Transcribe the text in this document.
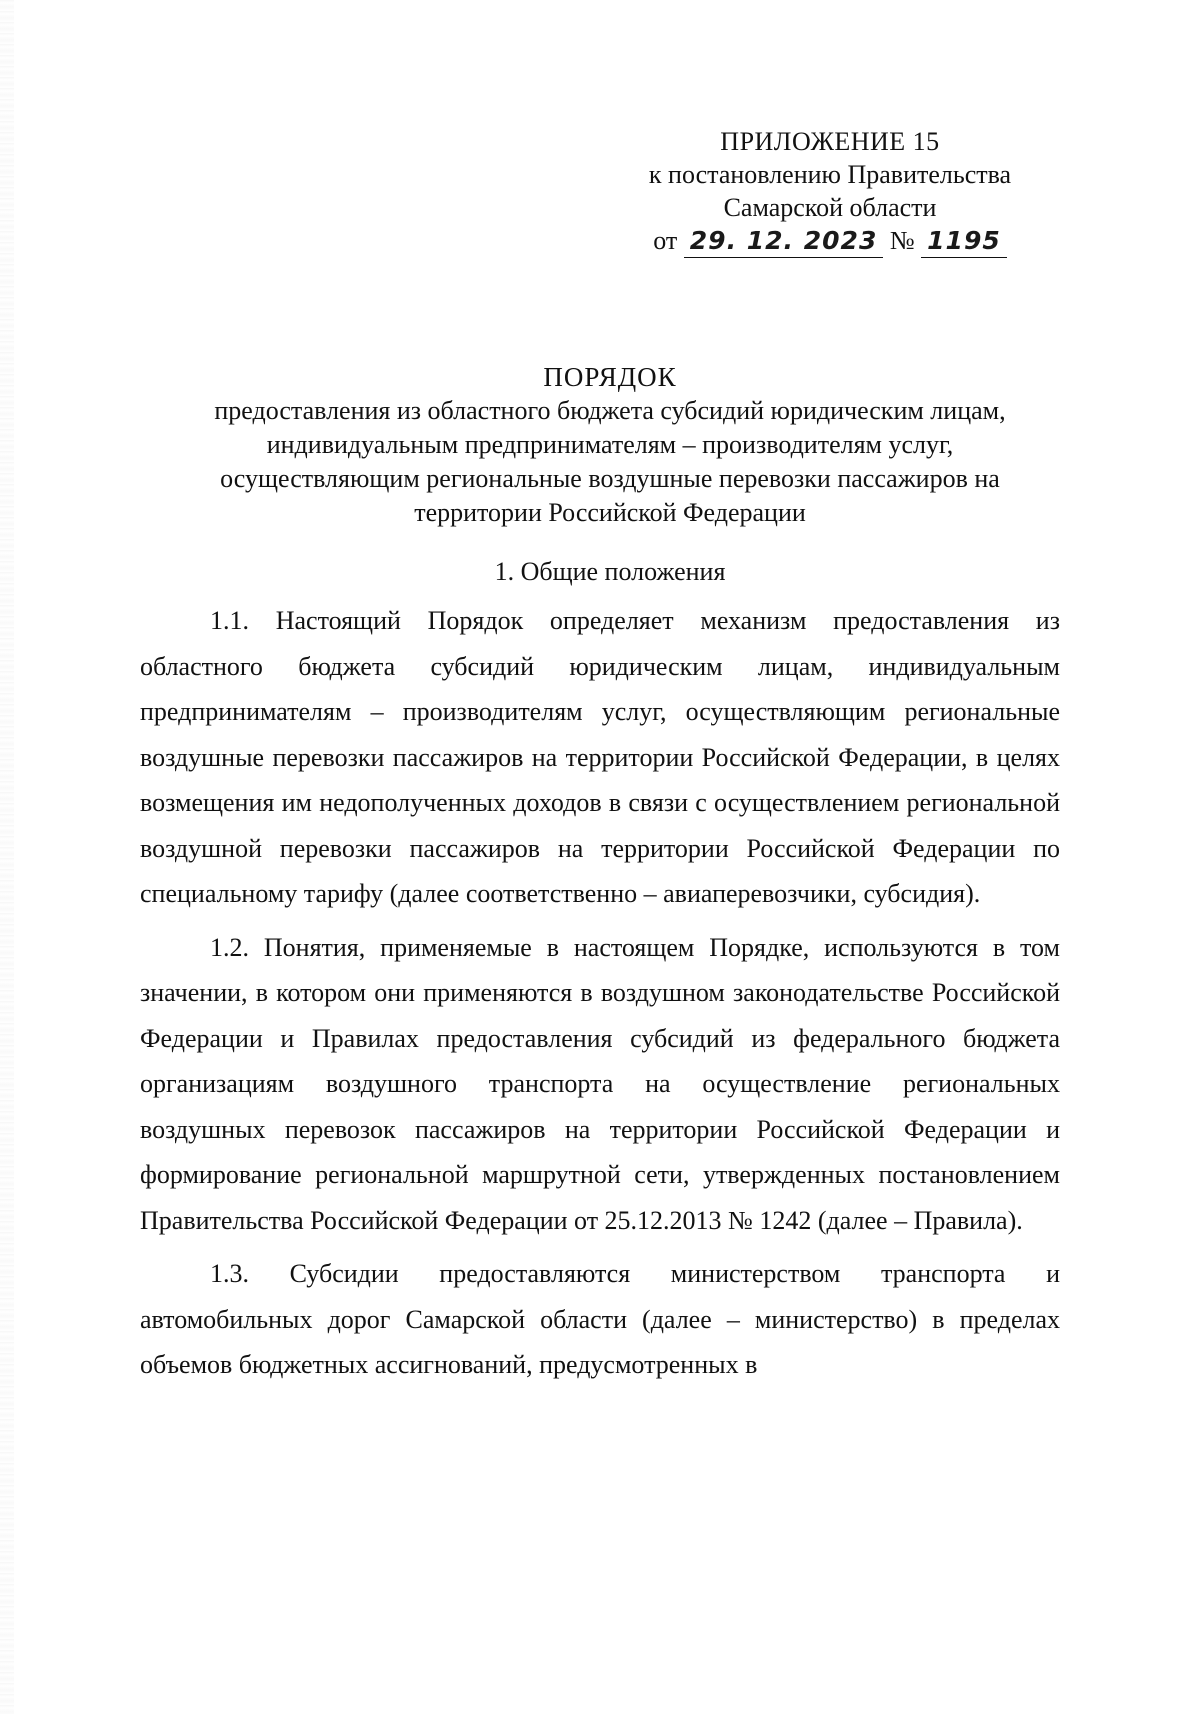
ПРИЛОЖЕНИЕ 15
к постановлению Правительства
Самарской области
от 29. 12. 2023 № 1195
ПОРЯДОК
предоставления из областного бюджета субсидий юридическим лицам,
индивидуальным предпринимателям – производителям услуг,
осуществляющим региональные воздушные перевозки пассажиров на
территории Российской Федерации
1. Общие положения

1.1. Настоящий Порядок определяет механизм предоставления из областного бюджета субсидий юридическим лицам, индивидуальным предпринимателям – производителям услуг, осуществляющим региональные воздушные перевозки пассажиров на территории Российской Федерации, в целях возмещения им недополученных доходов в связи с осуществлением региональной воздушной перевозки пассажиров на территории Российской Федерации по специальному тарифу (далее соответственно – авиаперевозчики, субсидия).

1.2. Понятия, применяемые в настоящем Порядке, используются в том значении, в котором они применяются в воздушном законодательстве Российской Федерации и Правилах предоставления субсидий из федерального бюджета организациям воздушного транспорта на осуществление региональных воздушных перевозок пассажиров на территории Российской Федерации и формирование региональной маршрутной сети, утвержденных постановлением Правительства Российской Федерации от 25.12.2013 № 1242 (далее – Правила).

1.3. Субсидии предоставляются министерством транспорта и автомобильных дорог Самарской области (далее – министерство) в пределах объемов бюджетных ассигнований, предусмотренных в
